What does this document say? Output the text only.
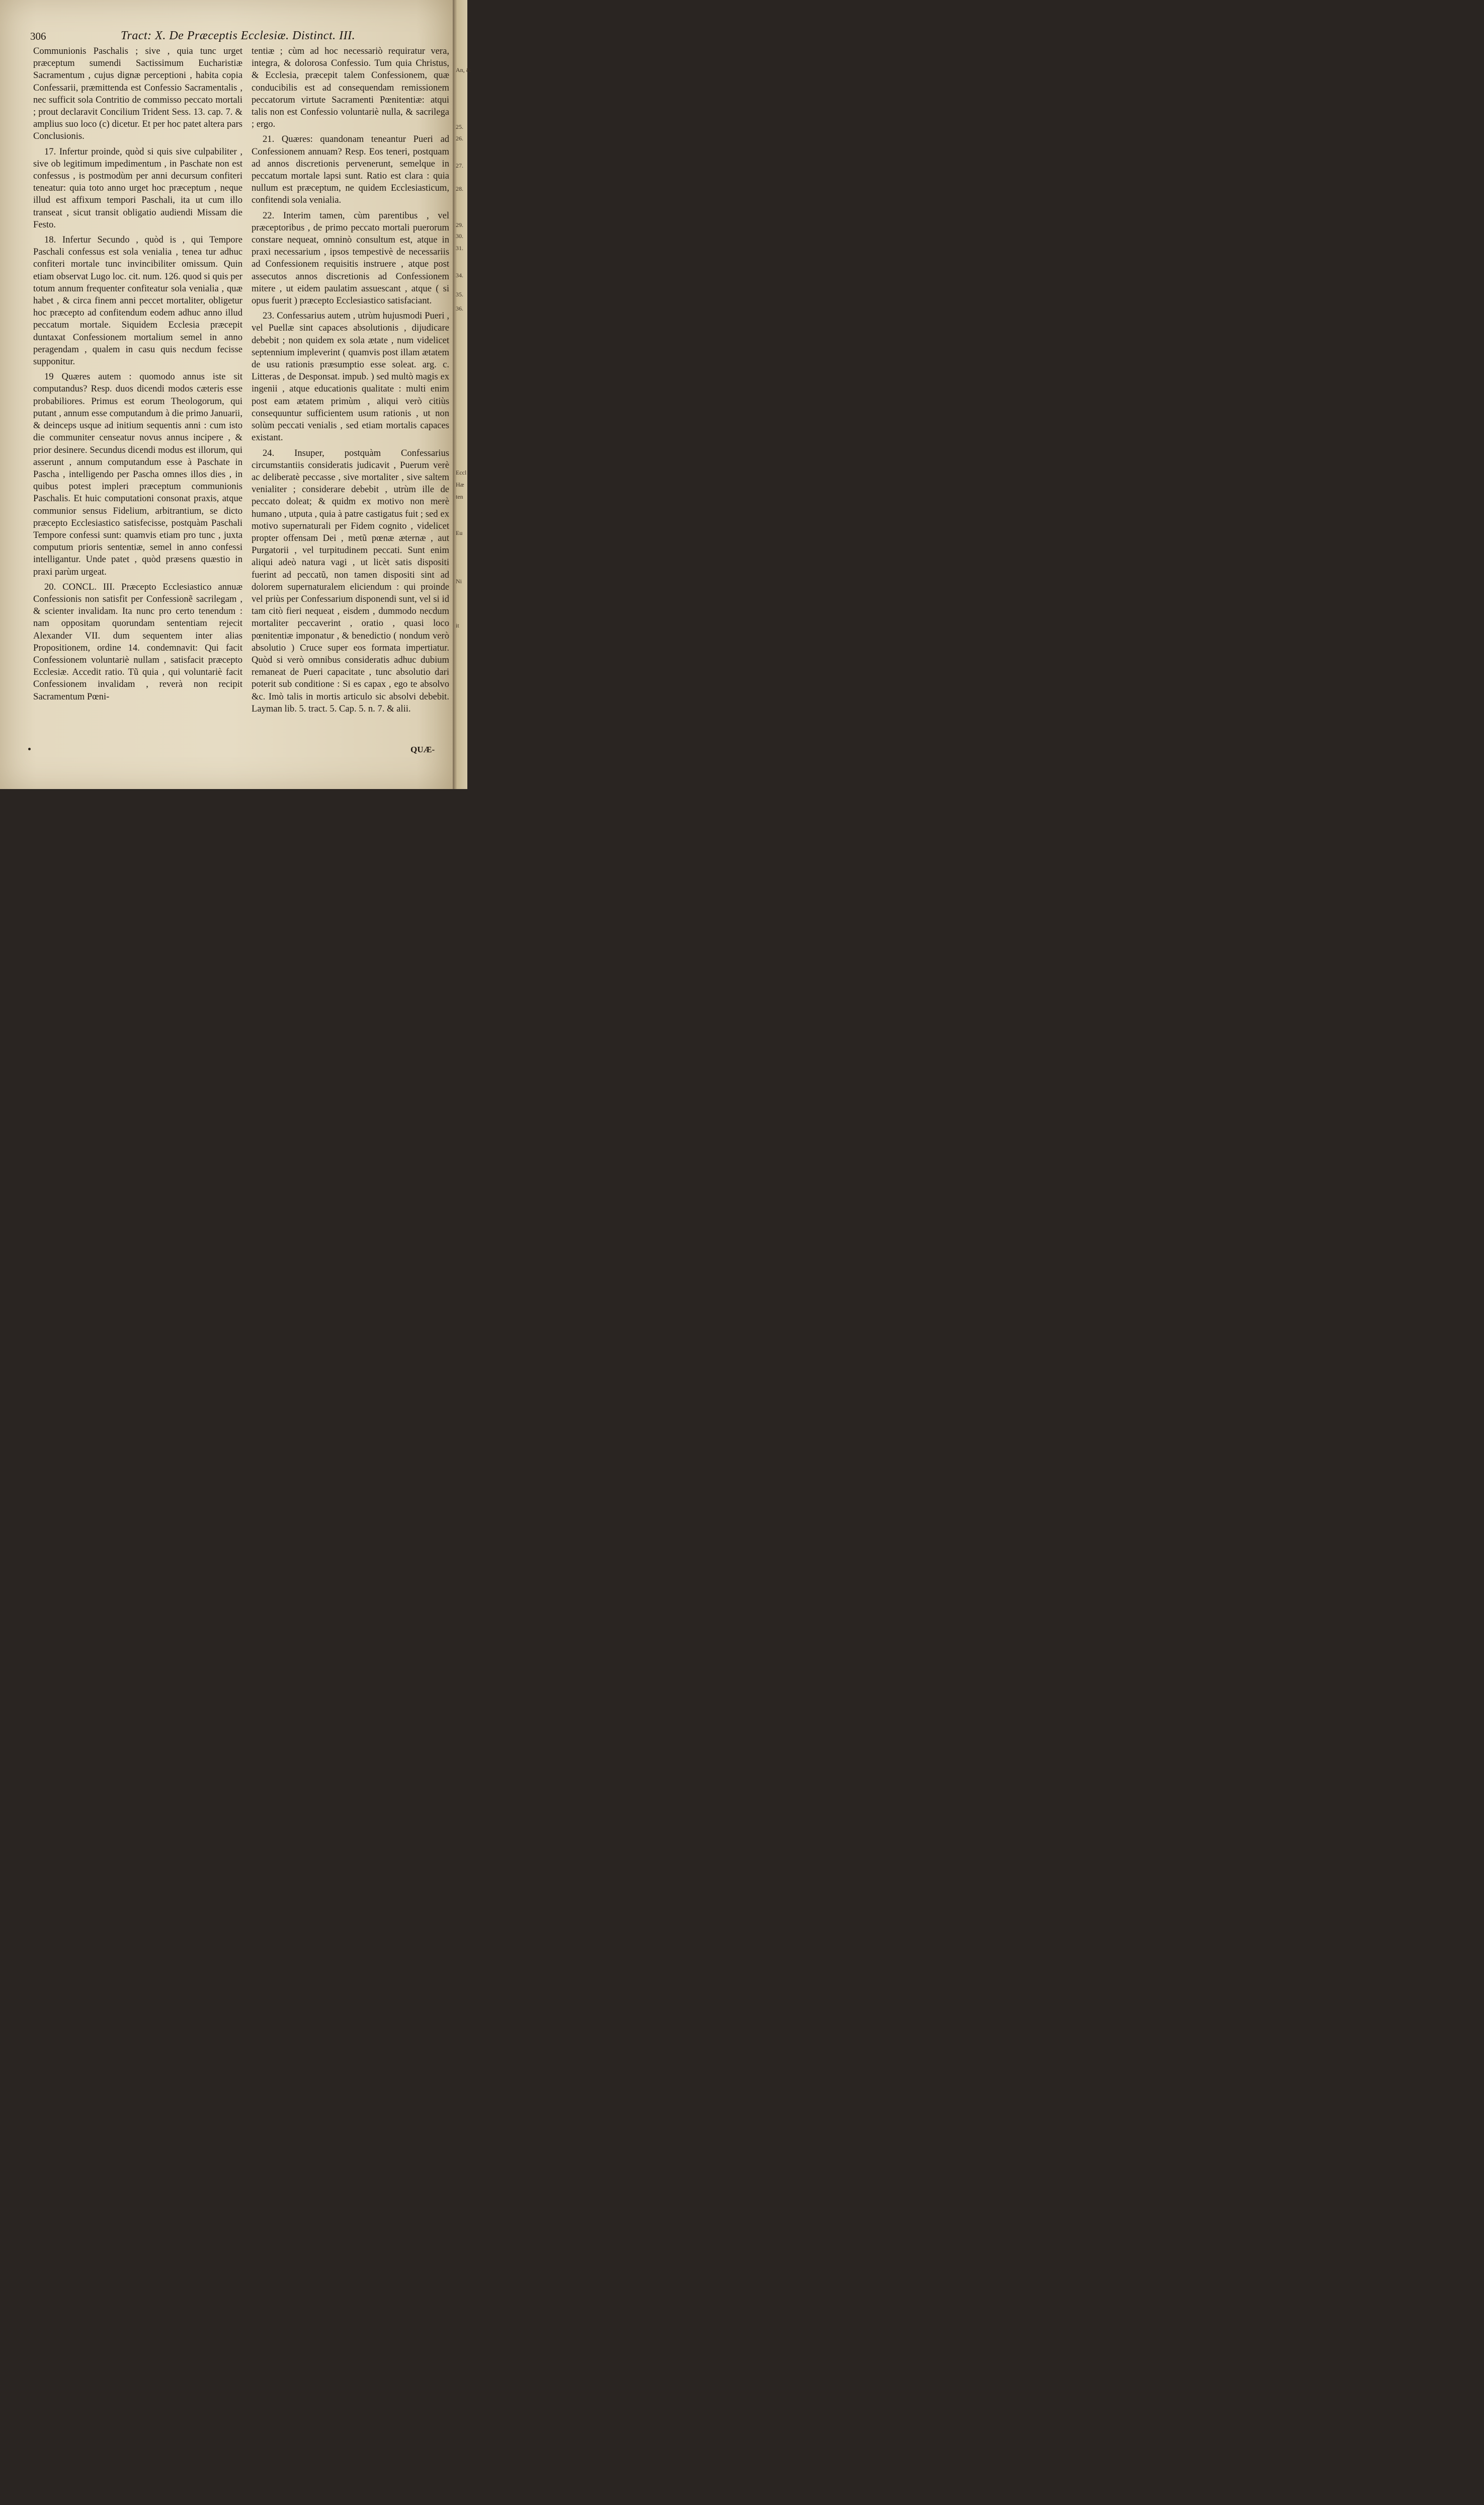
306	Tract: X. De Præceptis Ecclesiæ. Distinct. III.

Communionis Paschalis ; sive , quia tunc urget præceptum sumendi Sactissimum Eucharistiæ Sacramentum , cujus dignæ perceptioni , habita copia Confessarii, præmittenda est Confessio Sacramentalis , nec sufficit sola Contritio de commisso peccato mortali ; prout declaravit Concilium Trident Sess. 13. cap. 7. & amplius suo loco (c) dicetur. Et per hoc patet altera pars Conclusionis.

17. Infertur proinde, quòd si quis sive culpabiliter , sive ob legitimum impedimentum , in Paschate non est confessus , is postmodùm per anni decursum confiteri teneatur: quia toto anno urget hoc præceptum , neque illud est affixum tempori Paschali, ita ut cum illo transeat , sicut transit obligatio audiendi Missam die Festo.

18. Infertur Secundo , quòd is , qui Tempore Paschali confessus est sola venialia , tenea tur adhuc confiteri mortale tunc invincibiliter omissum. Quin etiam observat Lugo loc. cit. num. 126. quod si quis per totum annum frequenter confiteatur sola venialia , quæ habet , & circa finem anni peccet mortaliter, obligetur hoc præcepto ad confitendum eodem adhuc anno illud peccatum mortale. Siquidem Ecclesia præcepit duntaxat Confessionem mortalium semel in anno peragendam , qualem in casu quis necdum fecisse supponitur.

19 Quæres autem : quomodo annus iste sit computandus? Resp. duos dicendi modos cæteris esse probabiliores. Primus est eorum Theologorum, qui putant , annum esse computandum à die primo Januarii, & deinceps usque ad initium sequentis anni : cum isto die communiter censeatur novus annus incipere , & prior desinere. Secundus dicendi modus est illorum, qui asserunt , annum computandum esse à Paschate in Pascha , intelligendo per Pascha omnes illos dies , in quibus potest impleri præceptum communionis Paschalis. Et huic computationi consonat praxis, atque communior sensus Fidelium, arbitrantium, se dicto præcepto Ecclesiastico satisfecisse, postquàm Paschali Tempore confessi sunt: quamvis etiam pro tunc , juxta computum prioris sententiæ, semel in anno confessi intelligantur. Unde patet , quòd præsens quæstio in praxi parùm urgeat.

20. CONCL. III. Præcepto Ecclesiastico annuæ Confessionis non satisfit per Confessionẽ sacrilegam , & scienter invalidam. Ita nunc pro certo tenendum : nam oppositam quorundam sententiam rejecit Alexander VII. dum sequentem inter alias Propositionem, ordine 14. condemnavit: Qui facit Confessionem voluntariè nullam , satisfacit præcepto Ecclesiæ. Accedit ratio. Tũ quia , qui voluntariè facit Confessionem invalidam , reverà non recipit Sacramentum Pœni-

tentiæ ; cùm ad hoc necessariò requiratur vera, integra, & dolorosa Confessio. Tum quia Christus, & Ecclesia, præcepit talem Confessionem, quæ conducibilis est ad consequendam remissionem peccatorum virtute Sacramenti Pœnitentiæ: atqui talis non est Confessio voluntariè nulla, & sacrilega ; ergo.

21. Quæres: quandonam teneantur Pueri ad Confessionem annuam? Resp. Eos teneri, postquam ad annos discretionis pervenerunt, semelque in peccatum mortale lapsi sunt. Ratio est clara : quia nullum est præceptum, ne quidem Ecclesiasticum, confitendi sola venialia.

22. Interim tamen, cùm parentibus , vel præceptoribus , de primo peccato mortali puerorum constare nequeat, omninò consultum est, atque in praxi necessarium , ipsos tempestivè de necessariis ad Confessionem requisitis instruere , atque post assecutos annos discretionis ad Confessionem mitere , ut eidem paulatim assuescant , atque ( si opus fuerit ) præcepto Ecclesiastico satisfaciant.

23. Confessarius autem , utrùm hujusmodi Pueri , vel Puellæ sint capaces absolutionis , dijudicare debebit ; non quidem ex sola ætate , num videlicet septennium impleverint ( quamvis post illam ætatem de usu rationis præsumptio esse soleat. arg. c. Litteras , de Desponsat. impub. ) sed multò magis ex ingenii , atque educationis qualitate : multi enim post eam ætatem primùm , aliqui verò citiùs consequuntur sufficientem usum rationis , ut non solùm peccati venialis , sed etiam mortalis capaces existant.

24. Insuper, postquàm Confessarius circumstantiis consideratis judicavit , Puerum verè ac deliberatè peccasse , sive mortaliter , sive saltem venialiter ; considerare debebit , utrùm ille de peccato doleat; & quidm ex motivo non merè humano , utputa , quia à patre castigatus fuit ; sed ex motivo supernaturali per Fidem cognito , videlicet propter offensam Dei , metũ pœnæ æternæ , aut Purgatorii , vel turpitudinem peccati. Sunt enim aliqui adeò natura vagi , ut licèt satis dispositi fuerint ad peccatũ, non tamen dispositi sint ad dolorem supernaturalem eliciendum : qui proinde vel priùs per Confessarium disponendi sunt, vel si id tam citò fieri nequeat , eisdem , dummodo necdum mortaliter peccaverint , oratio , quasi loco pœnitentiæ imponatur , & benedictio ( nondum verò absolutio ) Cruce super eos formata impertiatur. Quòd si verò omnibus consideratis adhuc dubium remaneat de Pueri capacitate , tunc absolutio dari poterit sub conditione : Si es capax , ego te absolvo &c. Imò talis in mortis articulo sic absolvi debebit. Layman lib. 5. tract. 5. Cap. 5. n. 7. & alii.

QUÆ-
An, &
25.
26.
27.
28.
29.
30.
31.
34.
35.
36.
Eccl
Hæ
ten
Eu
Ni
it
